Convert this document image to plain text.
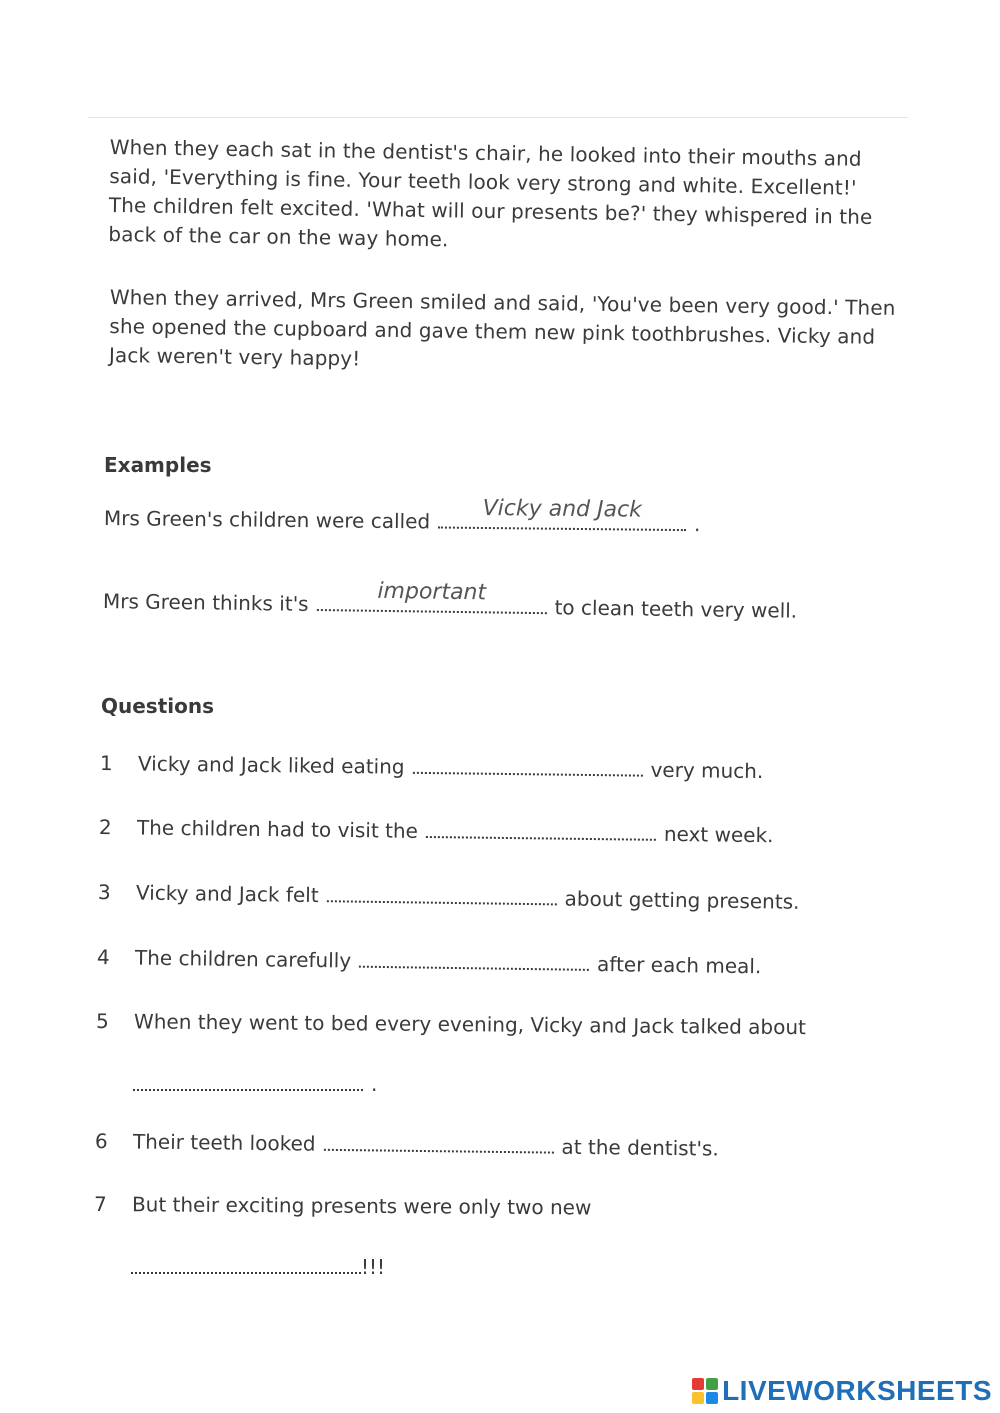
When they each sat in the dentist's chair, he looked into their mouths and said, 'Everything is fine. Your teeth look very strong and white. Excellent!' The children felt excited. 'What will our presents be?' they whispered in the back of the car on the way home.

When they arrived, Mrs Green smiled and said, 'You've been very good.' Then she opened the cupboard and gave them new pink toothbrushes. Vicky and Jack weren't very happy!

Examples
Mrs Green's children were called	Vicky and Jack
.
Mrs Green thinks it's	important
to clean teeth very well.
Questions
1	Vicky and Jack liked eating	very much.
2	The children had to visit the	next week.
3	Vicky and Jack felt	about getting presents.
4	The children carefully	after each meal.
5	When they went to bed every evening, Vicky and Jack talked about
.
6	Their teeth looked	at the dentist's.
7	But their exciting presents were only two new
!!!
LIVEWORKSHEETS
